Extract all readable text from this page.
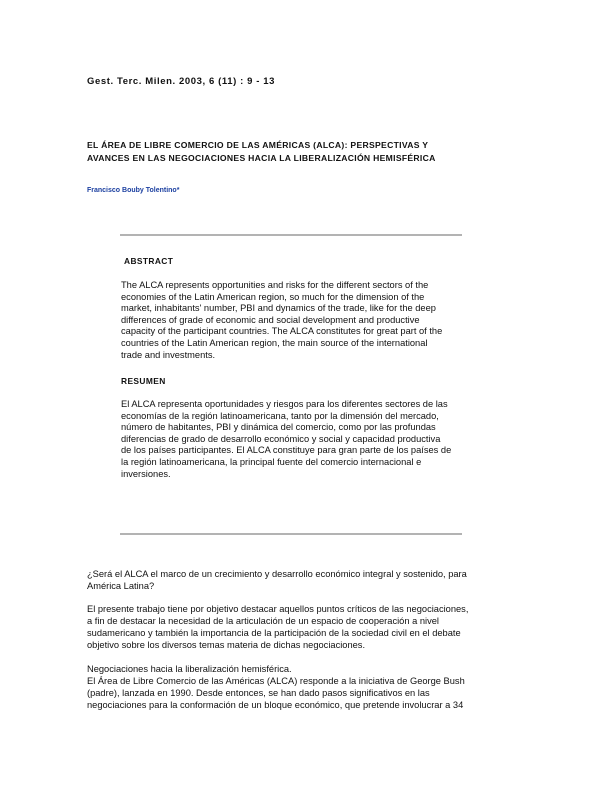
Gest. Terc. Milen. 2003, 6 (11) : 9 - 13
EL ÁREA DE LIBRE COMERCIO DE LAS AMÉRICAS (ALCA): PERSPECTIVAS Y
AVANCES EN LAS NEGOCIACIONES HACIA LA LIBERALIZACIÓN HEMISFÉRICA
Francisco Bouby Tolentino*
ABSTRACT
The ALCA represents opportunities and risks for the different sectors of the
economies of the Latin American region, so much for the dimension of the
market, inhabitants' number, PBI and dynamics of the trade, like for the deep
differences of grade of economic and social development and productive
capacity of the participant countries. The ALCA constitutes for great part of the
countries of the Latin American region, the main source of the international
trade and investments.
RESUMEN
El ALCA representa oportunidades y riesgos para los diferentes sectores de las
economías de la región latinoamericana, tanto por la dimensión del mercado,
número de habitantes, PBI y dinámica del comercio, como por las profundas
diferencias de grado de desarrollo económico y social y capacidad productiva
de los países participantes. El ALCA constituye para gran parte de los países de
la región latinoamericana, la principal fuente del comercio internacional e
inversiones.
¿Será el ALCA el marco de un crecimiento y desarrollo económico integral y sostenido, para
América Latina?
El presente trabajo tiene por objetivo destacar aquellos puntos críticos de las negociaciones,
a fin de destacar la necesidad de la articulación de un espacio de cooperación a nivel
sudamericano y también la importancia de la participación de la sociedad civil en el debate
objetivo sobre los diversos temas materia de dichas negociaciones.
Negociaciones hacia la liberalización hemisférica.
El Área de Libre Comercio de las Américas (ALCA) responde a la iniciativa de George Bush
(padre), lanzada en 1990. Desde entonces, se han dado pasos significativos en las
negociaciones para la conformación de un bloque económico, que pretende involucrar a 34
